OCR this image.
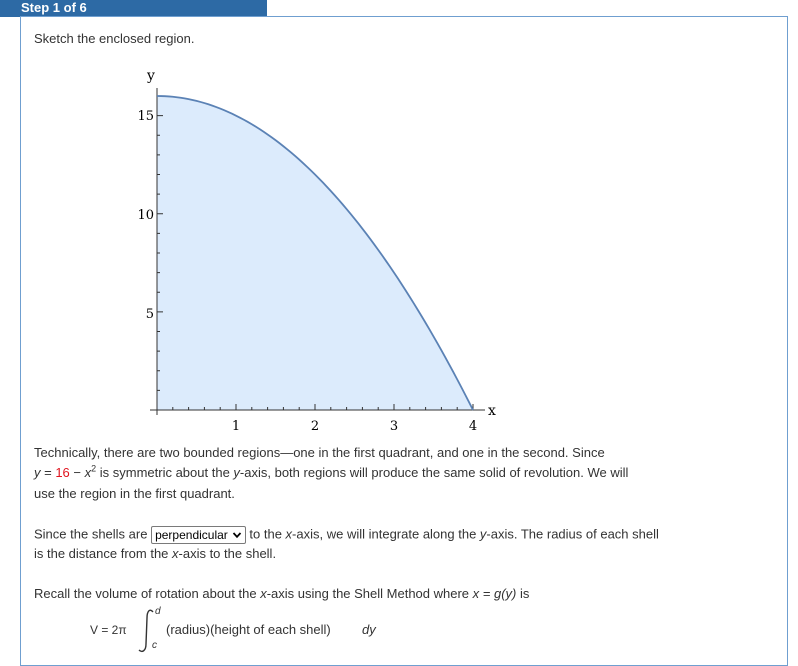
Step 1 of 6
Sketch the enclosed region.
y
x
1	2	3	4
5
10
15
Technically, there are two bounded regions—one in the first quadrant, and one in the second. Since
$y = 16 - x^2$ is symmetric about the y-axis, both regions will produce the same solid of revolution. We will
use the region in the first quadrant.
Since the shells are perpendicular to the x-axis, we will integrate along the y-axis. The radius of each shell
is the distance from the x-axis to the shell.
Recall the volume of rotation about the x-axis using the Shell Method where x = g(y) is
V = 2π
d
c
(radius)(height of each shell) dy
